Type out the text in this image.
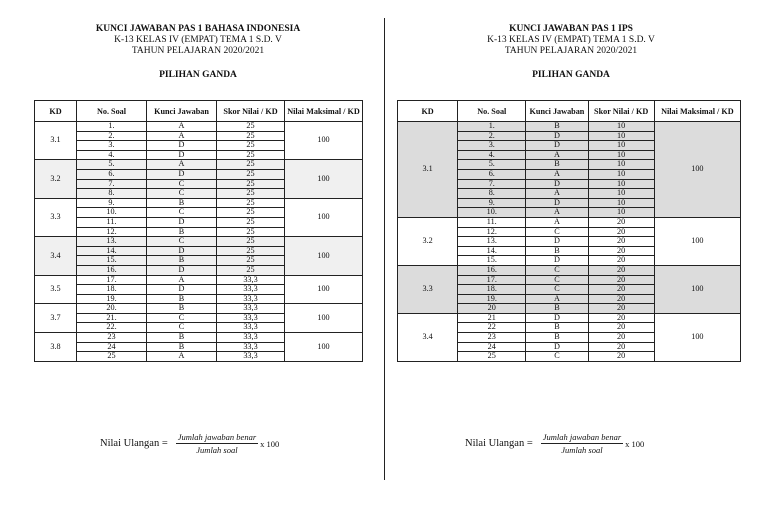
KUNCI JAWABAN PAS 1 BAHASA INDONESIA
K-13 KELAS IV (EMPAT) TEMA 1 S.D. V
TAHUN PELAJARAN 2020/2021
PILIHAN GANDA
KD	No. Soal	Kunci Jawaban	Skor Nilai / KD	Nilai Maksimal / KD
3.1	1.	A	25	100
	2.	A	25	
	3.	D	25	
	4.	D	25	
3.2	5.	A	25	100
	6.	D	25	
	7.	C	25	
	8.	C	25	
3.3	9.	B	25	100
	10.	C	25	
	11.	D	25	
	12.	B	25	
3.4	13.	C	25	100
	14.	D	25	
	15.	B	25	
	16.	D	25	
3.5	17.	A	33,3	100
	18.	D	33,3	
	19.	B	33,3	
3.7	20.	B	33,3	100
	21.	C	33,3	
	22.	C	33,3	
3.8	23	B	33,3	100
	24	B	33,3	
	25	A	33,3	
Nilai Ulangan = $\frac{\text{Jumlah jawaban benar}}{\text{Jumlah soal}}$ x 100
KUNCI JAWABAN PAS 1 IPS
K-13 KELAS IV (EMPAT) TEMA 1 S.D. V
TAHUN PELAJARAN 2020/2021
PILIHAN GANDA
KD	No. Soal	Kunci Jawaban	Skor Nilai / KD	Nilai Maksimal / KD
3.1	1.	B	10	100
	2.	D	10	
	3.	D	10	
	4.	A	10	
	5.	B	10	
	6.	A	10	
	7.	D	10	
	8.	A	10	
	9.	D	10	
	10.	A	10	
3.2	11.	A	20	100
	12.	C	20	
	13.	D	20	
	14.	B	20	
	15.	D	20	
3.3	16.	C	20	100
	17.	C	20	
	18.	C	20	
	19.	A	20	
	20	B	20	
3.4	21	D	20	100
	22	B	20	
	23	B	20	
	24	D	20	
	25	C	20	
Nilai Ulangan = $\frac{\text{Jumlah jawaban benar}}{\text{Jumlah soal}}$ x 100
